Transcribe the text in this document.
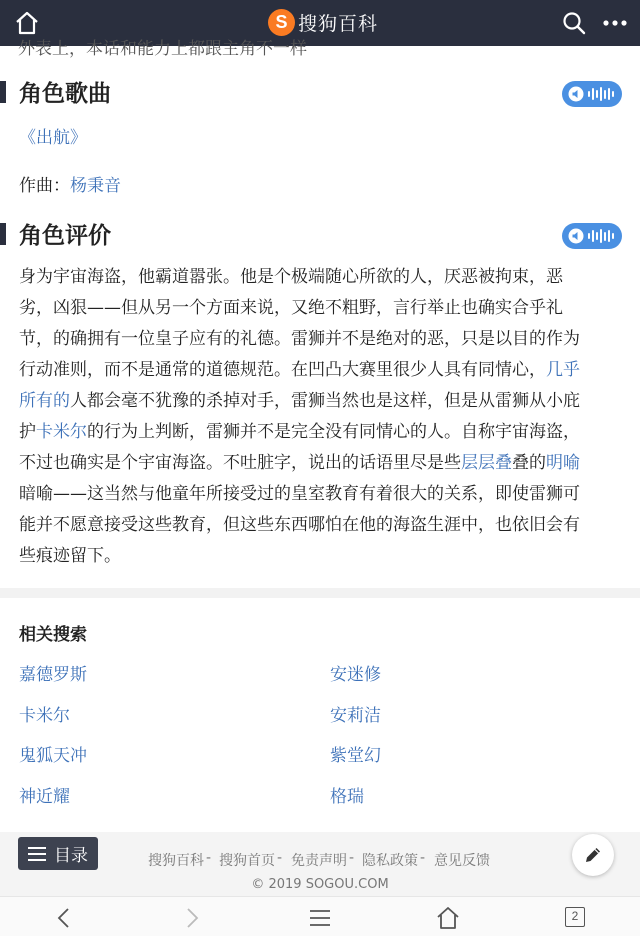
S 搜狗百科
外表上，本话和能力上都跟主角不一样
角色歌曲
《出航》
作曲：杨秉音
角色评价
身为宇宙海盗，他霸道嚣张。他是个极端随心所欲的人，厌恶被拘束，恶
劣，凶狠——但从另一个方面来说，又绝不粗野，言行举止也确实合乎礼
节，的确拥有一位皇子应有的礼德。雷狮并不是绝对的恶，只是以目的作为
行动准则，而不是通常的道德规范。在凹凸大赛里很少人具有同情心，几乎
所有的人都会毫不犹豫的杀掉对手，雷狮当然也是这样，但是从雷狮从小庇
护卡米尔的行为上判断，雷狮并不是完全没有同情心的人。自称宇宙海盗，
不过也确实是个宇宙海盗。不吐脏字，说出的话语里尽是些层层叠叠的明喻
暗喻——这当然与他童年所接受过的皇室教育有着很大的关系，即使雷狮可
能并不愿意接受这些教育，但这些东西哪怕在他的海盗生涯中，也依旧会有
些痕迹留下。
相关搜索
嘉德罗斯	安迷修
卡米尔	安莉洁
鬼狐天冲	紫堂幻
神近耀	格瑞
搜狗百科 - 搜狗首页 - 免责声明 - 隐私政策 - 意见反馈
© 2019 SOGOU.COM
目录
2
